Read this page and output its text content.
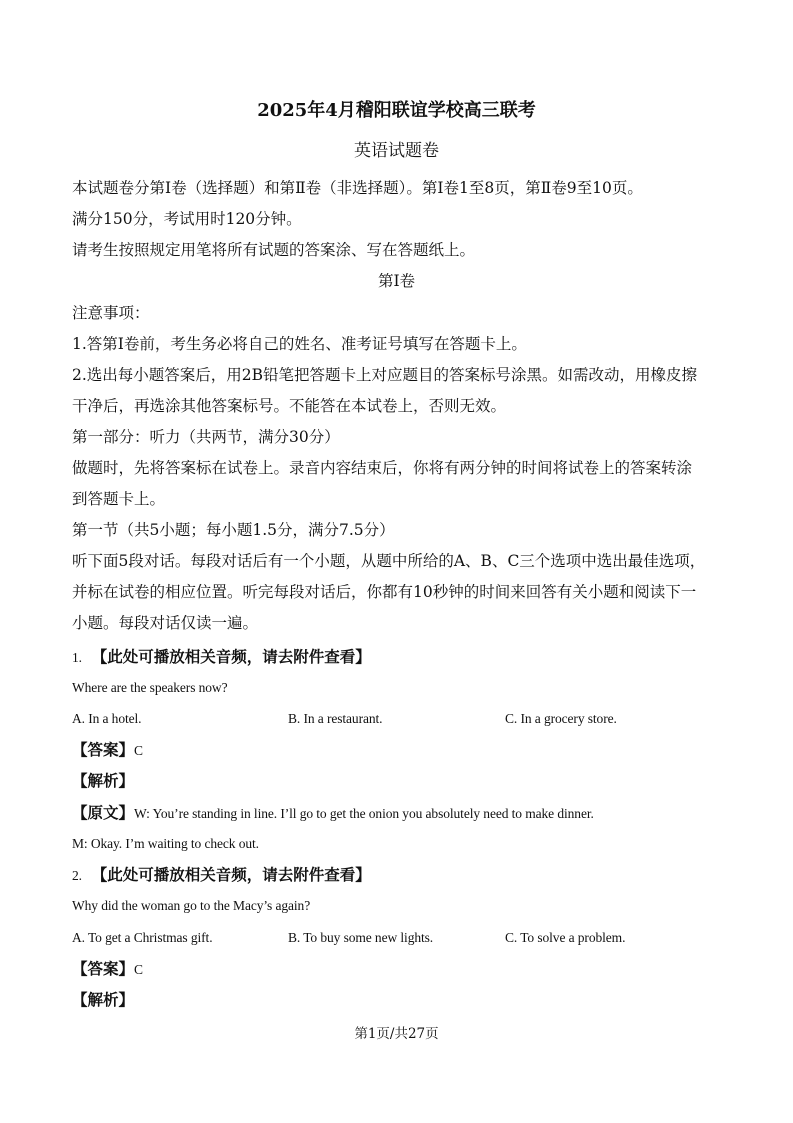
2025年4月稽阳联谊学校高三联考
英语试题卷
本试题卷分第Ⅰ卷（选择题）和第Ⅱ卷（非选择题）。第Ⅰ卷1至8页，第Ⅱ卷9至10页。
满分150分，考试用时120分钟。
请考生按照规定用笔将所有试题的答案涂、写在答题纸上。
第Ⅰ卷
注意事项：
1.答第Ⅰ卷前，考生务必将自己的姓名、准考证号填写在答题卡上。
2.选出每小题答案后，用2B铅笔把答题卡上对应题目的答案标号涂黑。如需改动，用橡皮擦
干净后，再选涂其他答案标号。不能答在本试卷上，否则无效。
第一部分：听力（共两节，满分30分）
做题时，先将答案标在试卷上。录音内容结束后，你将有两分钟的时间将试卷上的答案转涂
到答题卡上。
第一节（共5小题；每小题1.5分，满分7.5分）
听下面5段对话。每段对话后有一个小题，从题中所给的A、B、C三个选项中选出最佳选项，
并标在试卷的相应位置。听完每段对话后，你都有10秒钟的时间来回答有关小题和阅读下一
小题。每段对话仅读一遍。
1. 【此处可播放相关音频，请去附件查看】
Where are the speakers now?
A. In a hotel.	B. In a restaurant.	C. In a grocery store.
【答案】C
【解析】
【原文】W: You’re standing in line. I’ll go to get the onion you absolutely need to make dinner.
M: Okay. I’m waiting to check out.
2. 【此处可播放相关音频，请去附件查看】
Why did the woman go to the Macy’s again?
A. To get a Christmas gift.	B. To buy some new lights.	C. To solve a problem.
【答案】C
【解析】
第1页/共27页
